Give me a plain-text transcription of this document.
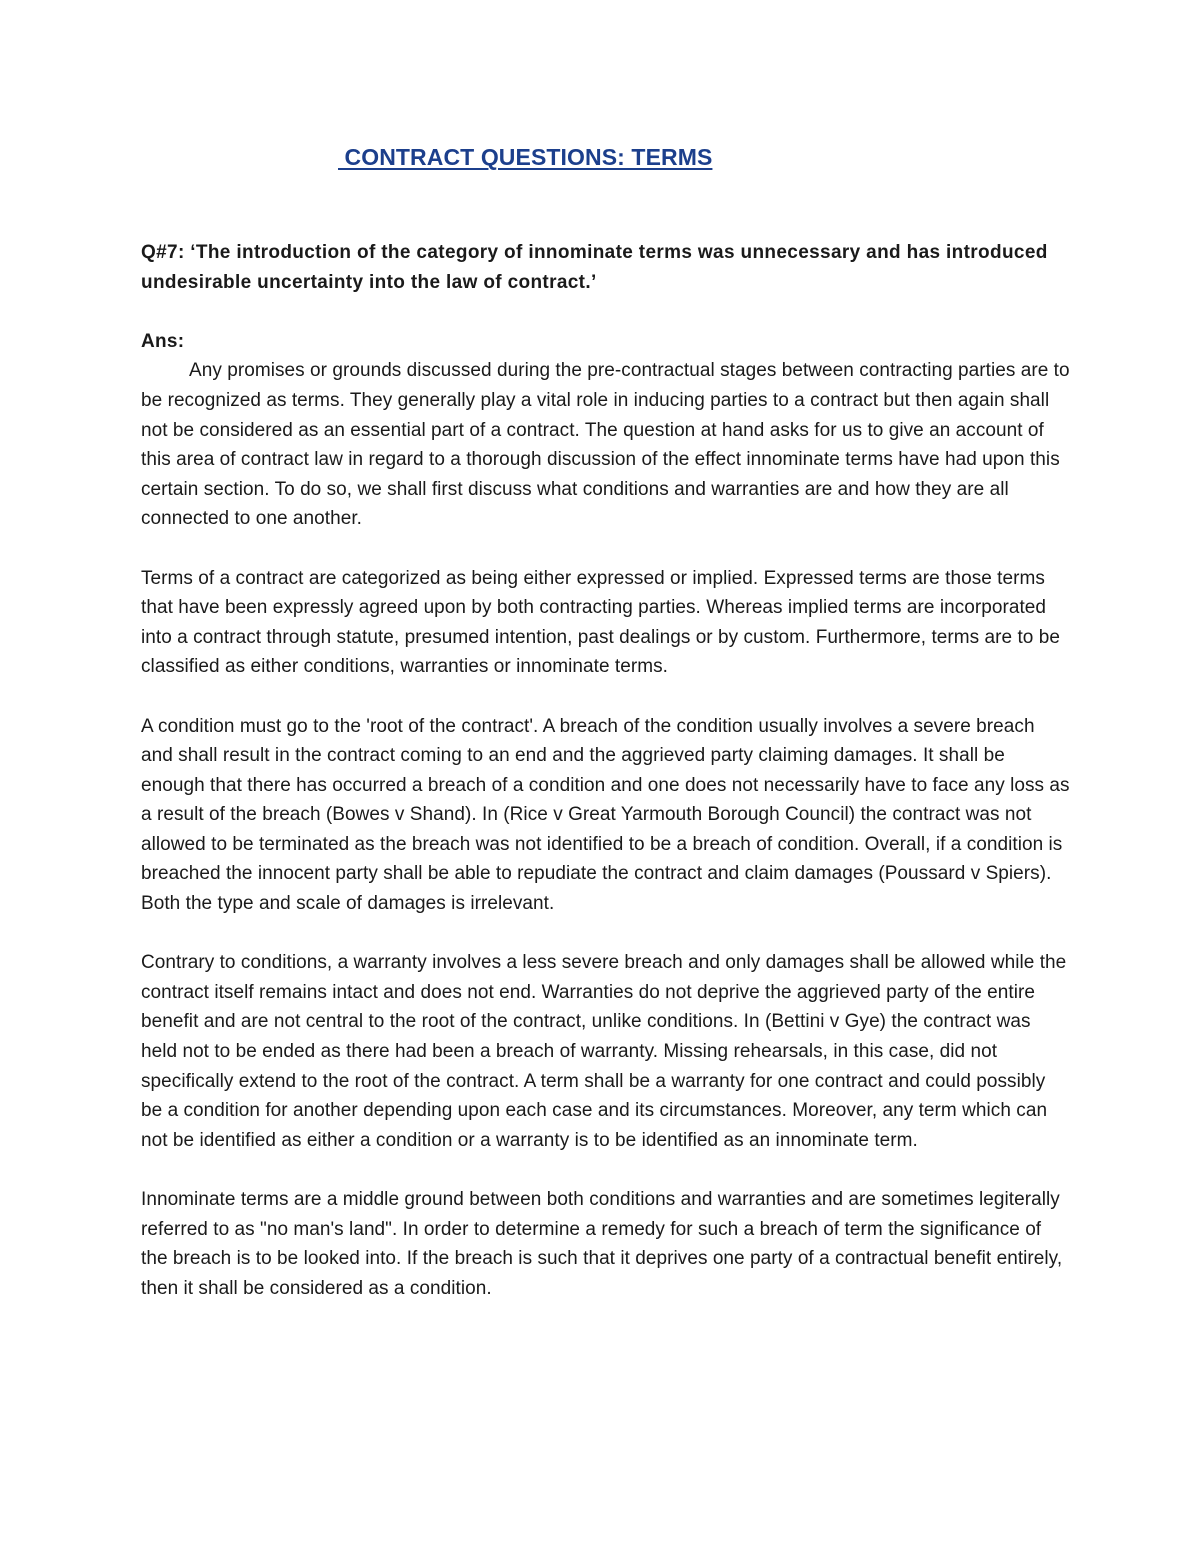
CONTRACT QUESTIONS: TERMS

Q#7: ‘The introduction of the category of innominate terms was unnecessary and has introduced undesirable uncertainty into the law of contract.’

Ans:

Any promises or grounds discussed during the pre-contractual stages between contracting parties are to be recognized as terms. They generally play a vital role in inducing parties to a contract but then again shall not be considered as an essential part of a contract. The question at hand asks for us to give an account of this area of contract law in regard to a thorough discussion of the effect innominate terms have had upon this certain section. To do so, we shall first discuss what conditions and warranties are and how they are all connected to one another.

Terms of a contract are categorized as being either expressed or implied. Expressed terms are those terms that have been expressly agreed upon by both contracting parties. Whereas implied terms are incorporated into a contract through statute, presumed intention, past dealings or by custom. Furthermore, terms are to be classified as either conditions, warranties or innominate terms.

A condition must go to the 'root of the contract'. A breach of the condition usually involves a severe breach and shall result in the contract coming to an end and the aggrieved party claiming damages. It shall be enough that there has occurred a breach of a condition and one does not necessarily have to face any loss as a result of the breach (Bowes v Shand). In (Rice v Great Yarmouth Borough Council) the contract was not allowed to be terminated as the breach was not identified to be a breach of condition. Overall, if a condition is breached the innocent party shall be able to repudiate the contract and claim damages (Poussard v Spiers). Both the type and scale of damages is irrelevant.

Contrary to conditions, a warranty involves a less severe breach and only damages shall be allowed while the contract itself remains intact and does not end. Warranties do not deprive the aggrieved party of the entire benefit and are not central to the root of the contract, unlike conditions. In (Bettini v Gye) the contract was held not to be ended as there had been a breach of warranty. Missing rehearsals, in this case, did not specifically extend to the root of the contract. A term shall be a warranty for one contract and could possibly be a condition for another depending upon each case and its circumstances. Moreover, any term which can not be identified as either a condition or a warranty is to be identified as an innominate term.

Innominate terms are a middle ground between both conditions and warranties and are sometimes legiterally referred to as "no man's land". In order to determine a remedy for such a breach of term the significance of the breach is to be looked into. If the breach is such that it deprives one party of a contractual benefit entirely, then it shall be considered as a condition.
